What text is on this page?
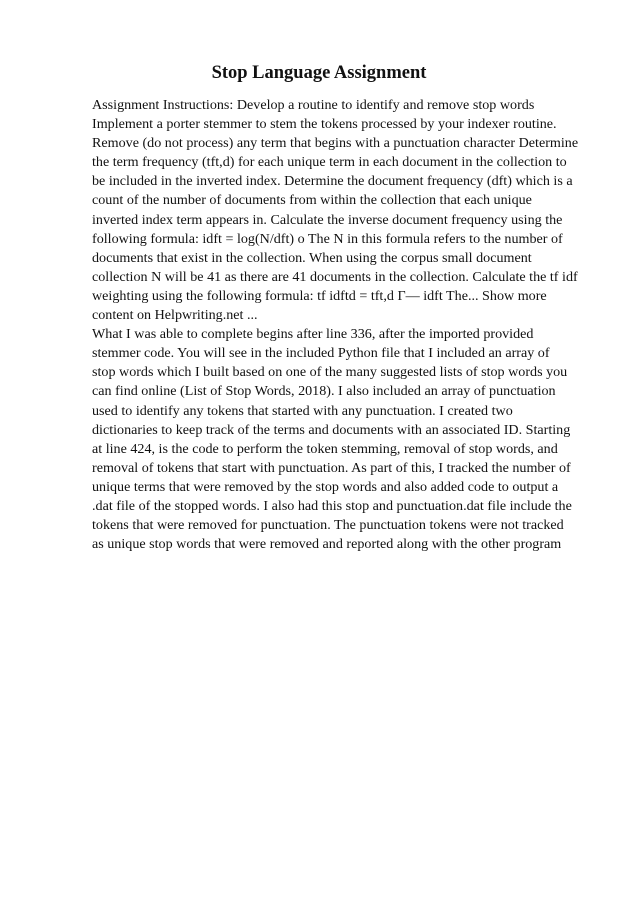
Stop Language Assignment
Assignment Instructions: Develop a routine to identify and remove stop words
Implement a porter stemmer to stem the tokens processed by your indexer routine.
Remove (do not process) any term that begins with a punctuation character Determine
the term frequency (tft,d) for each unique term in each document in the collection to
be included in the inverted index. Determine the document frequency (dft) which is a
count of the number of documents from within the collection that each unique
inverted index term appears in. Calculate the inverse document frequency using the
following formula: idft = log(N/dft) o The N in this formula refers to the number of
documents that exist in the collection. When using the corpus small document
collection N will be 41 as there are 41 documents in the collection. Calculate the tf idf
weighting using the following formula: tf idftd = tft,d Γ— idft The... Show more
content on Helpwriting.net ...
What I was able to complete begins after line 336, after the imported provided
stemmer code. You will see in the included Python file that I included an array of
stop words which I built based on one of the many suggested lists of stop words you
can find online (List of Stop Words, 2018). I also included an array of punctuation
used to identify any tokens that started with any punctuation. I created two
dictionaries to keep track of the terms and documents with an associated ID. Starting
at line 424, is the code to perform the token stemming, removal of stop words, and
removal of tokens that start with punctuation. As part of this, I tracked the number of
unique terms that were removed by the stop words and also added code to output a
.dat file of the stopped words. I also had this stop and punctuation.dat file include the
tokens that were removed for punctuation. The punctuation tokens were not tracked
as unique stop words that were removed and reported along with the other program
